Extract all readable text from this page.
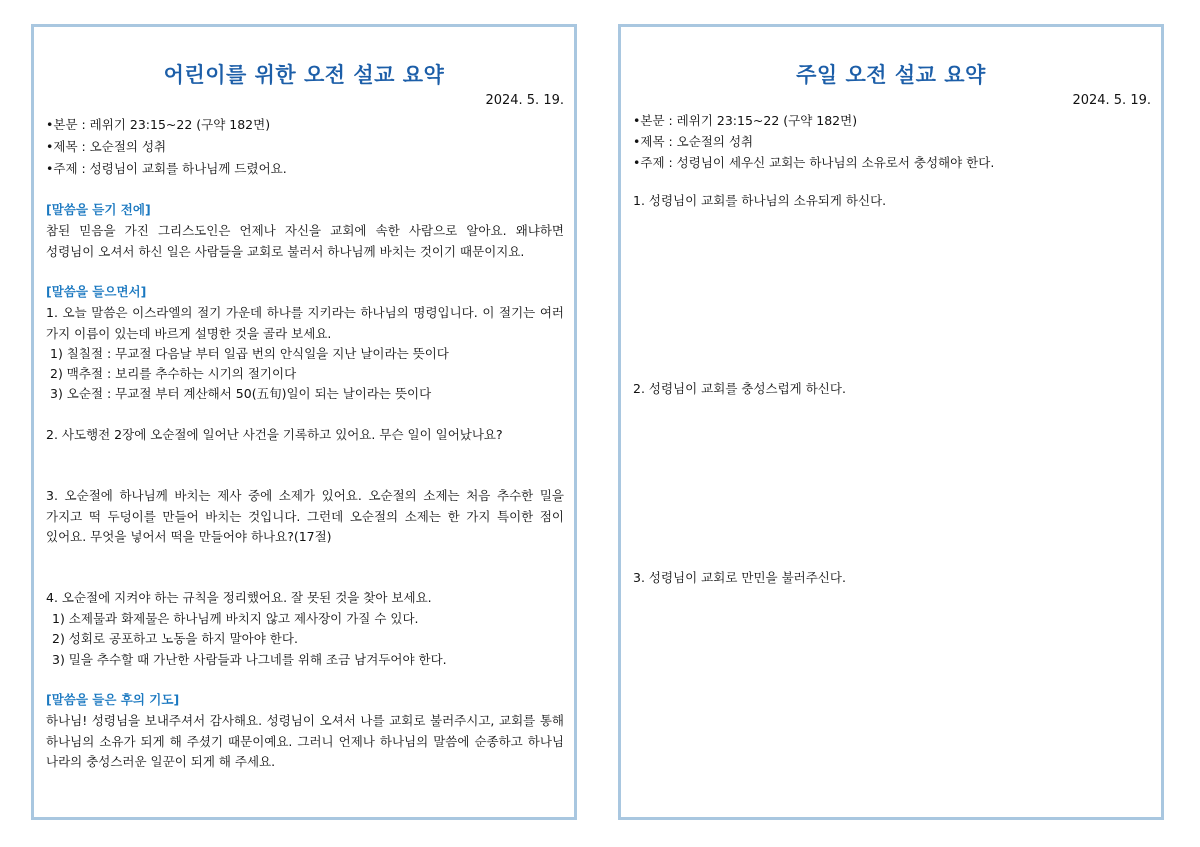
어린이를 위한 오전 설교 요약
2024. 5. 19.
•본문 : 레위기 23:15~22 (구약 182면)
•제목 : 오순절의 성취
•주제 : 성령님이 교회를 하나님께 드렸어요.
[말씀을 듣기 전에]
참된 믿음을 가진 그리스도인은 언제나 자신을 교회에 속한 사람으로 알아요. 왜냐하면 성령님이 오셔서 하신 일은 사람들을 교회로 불러서 하나님께 바치는 것이기 때문이지요.
[말씀을 들으면서]
1. 오늘 말씀은 이스라엘의 절기 가운데 하나를 지키라는 하나님의 명령입니다. 이 절기는 여러 가지 이름이 있는데 바르게 설명한 것을 골라 보세요.
1) 칠칠절 : 무교절 다음날 부터 일곱 번의 안식일을 지난 날이라는 뜻이다
2) 맥추절 : 보리를 추수하는 시기의 절기이다
3) 오순절 : 무교절 부터 계산해서 50(五旬)일이 되는 날이라는 뜻이다
2. 사도행전 2장에 오순절에 일어난 사건을 기록하고 있어요. 무슨 일이 일어났나요?
3. 오순절에 하나님께 바치는 제사 중에 소제가 있어요. 오순절의 소제는 처음 추수한 밀을 가지고 떡 두덩이를 만들어 바치는 것입니다. 그런데 오순절의 소제는 한 가지 특이한 점이 있어요. 무엇을 넣어서 떡을 만들어야 하나요?(17절)
4. 오순절에 지켜야 하는 규칙을 정리했어요. 잘 못된 것을 찾아 보세요.
1) 소제물과 화제물은 하나님께 바치지 않고 제사장이 가질 수 있다.
2) 성회로 공포하고 노동을 하지 말아야 한다.
3) 밀을 추수할 때 가난한 사람들과 나그네를 위해 조금 남겨두어야 한다.
[말씀을 들은 후의 기도]
하나님! 성령님을 보내주셔서 감사해요. 성령님이 오셔서 나를 교회로 불러주시고, 교회를 통해 하나님의 소유가 되게 해 주셨기 때문이예요. 그러니 언제나 하나님의 말씀에 순종하고 하나님 나라의 충성스러운 일꾼이 되게 해 주세요.
주일 오전 설교 요약
2024. 5. 19.
•본문 : 레위기 23:15~22 (구약 182면)
•제목 : 오순절의 성취
•주제 : 성령님이 세우신 교회는 하나님의 소유로서 충성해야 한다.
1. 성령님이 교회를 하나님의 소유되게 하신다.
2. 성령님이 교회를 충성스럽게 하신다.
3. 성령님이 교회로 만민을 불러주신다.
